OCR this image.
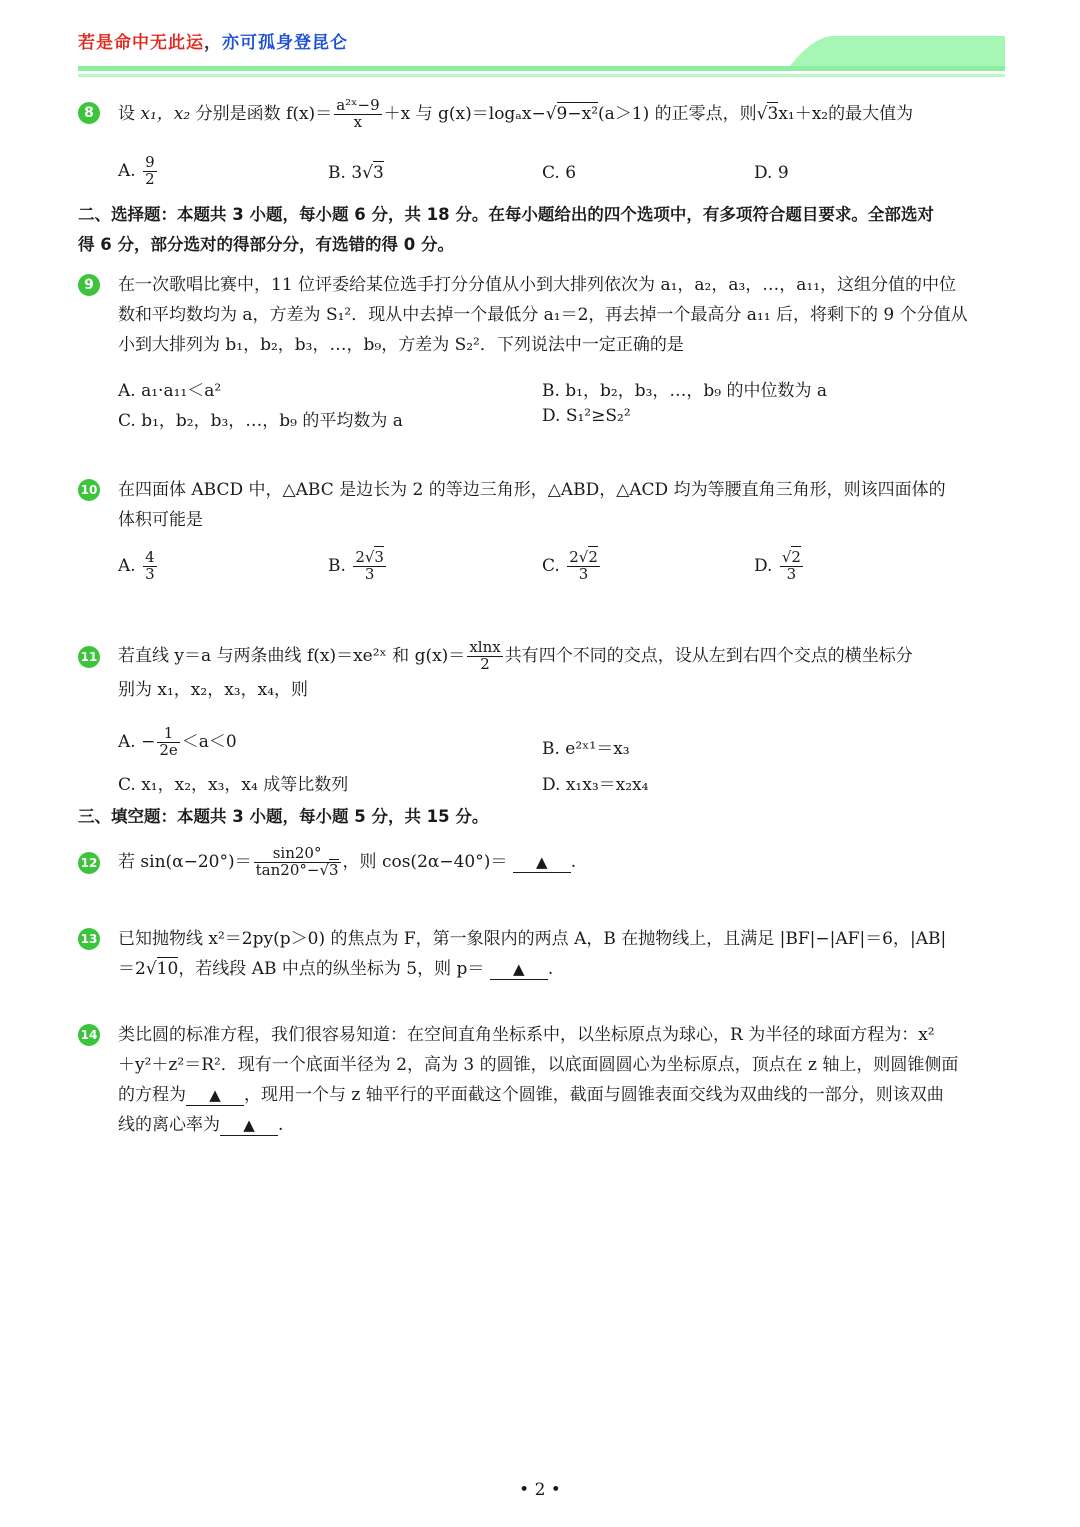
若是命中无此运，亦可孤身登昆仑
8	设 x₁，x₂ 分别是函数 $f(x)= \frac{\text{a²ˣ−9}}{x} +x$ 与 g(x)＝logₐx−√9−x²(a＞1) 的正零点，则√3x₁＋x₂的最大值为
A. $\frac{9}{2}$	B. 3√3	C. 6	D. 9
二、选择题：本题共 3 小题，每小题 6 分，共 18 分。在每小题给出的四个选项中，有多项符合题目要求。全部选对
得 6 分，部分选对的得部分分，有选错的得 0 分。
9	在一次歌唱比赛中，11 位评委给某位选手打分分值从小到大排列依次为 a₁，a₂，a₃，…，a₁₁，这组分值的中位
数和平均数均为 a，方差为 S₁²．现从中去掉一个最低分 a₁＝2，再去掉一个最高分 a₁₁ 后，将剩下的 9 个分值从
小到大排列为 b₁，b₂，b₃，…，b₉，方差为 S₂²．下列说法中一定正确的是
A. a₁·a₁₁＜a²	B. b₁，b₂，b₃，…，b₉ 的中位数为 a
C. b₁，b₂，b₃，…，b₉ 的平均数为 a	D. S₁²≥S₂²
10 在四面体 ABCD 中，△ABC 是边长为 2 的等边三角形，△ABD，△ACD 均为等腰直角三角形，则该四面体的
体积可能是
A. $\frac{4}{3}$	B. $\frac{2√3}{3}$	C. $\frac{2√2}{3}$	D. $\frac{√2}{3}$
11 若直线 y＝a 与两条曲线 f(x)＝xe²ˣ 和 $g(x)= \frac{xlnx}{2}$ 共有四个不同的交点，设从左到右四个交点的横坐标分
别为 x₁，x₂，x₃，x₄，则
A. − $\frac{1}{2e} <a<0$	B. e²ˣ¹＝x₃
C. x₁，x₂，x₃，x₄ 成等比数列	D. x₁x₃＝x₂x₄
三、填空题：本题共 3 小题，每小题 5 分，共 15 分。
12 若 $\sin(\alpha-20^\circ)= \frac{\sin 20^\circ}{\tan 20^\circ-√3}$ ，则 cos(2α−40°)＝ ▲ .
13	已知抛物线 x²＝2py(p＞0) 的焦点为 F，第一象限内的两点 A，B 在抛物线上，且满足 |BF|−|AF|＝6，|AB|
＝2√10，若线段 AB 中点的纵坐标为 5，则 p＝ ▲ .
14 类比圆的标准方程，我们很容易知道：在空间直角坐标系中，以坐标原点为球心，R 为半径的球面方程为：x²
＋y²＋z²＝R²．现有一个底面半径为 2，高为 3 的圆锥，以底面圆圆心为坐标原点，顶点在 z 轴上，则圆锥侧面
的方程为 ▲ ，现用一个与 z 轴平行的平面截这个圆锥，截面与圆锥表面交线为双曲线的一部分，则该双曲
线的离心率为 ▲ .
• 2 •
